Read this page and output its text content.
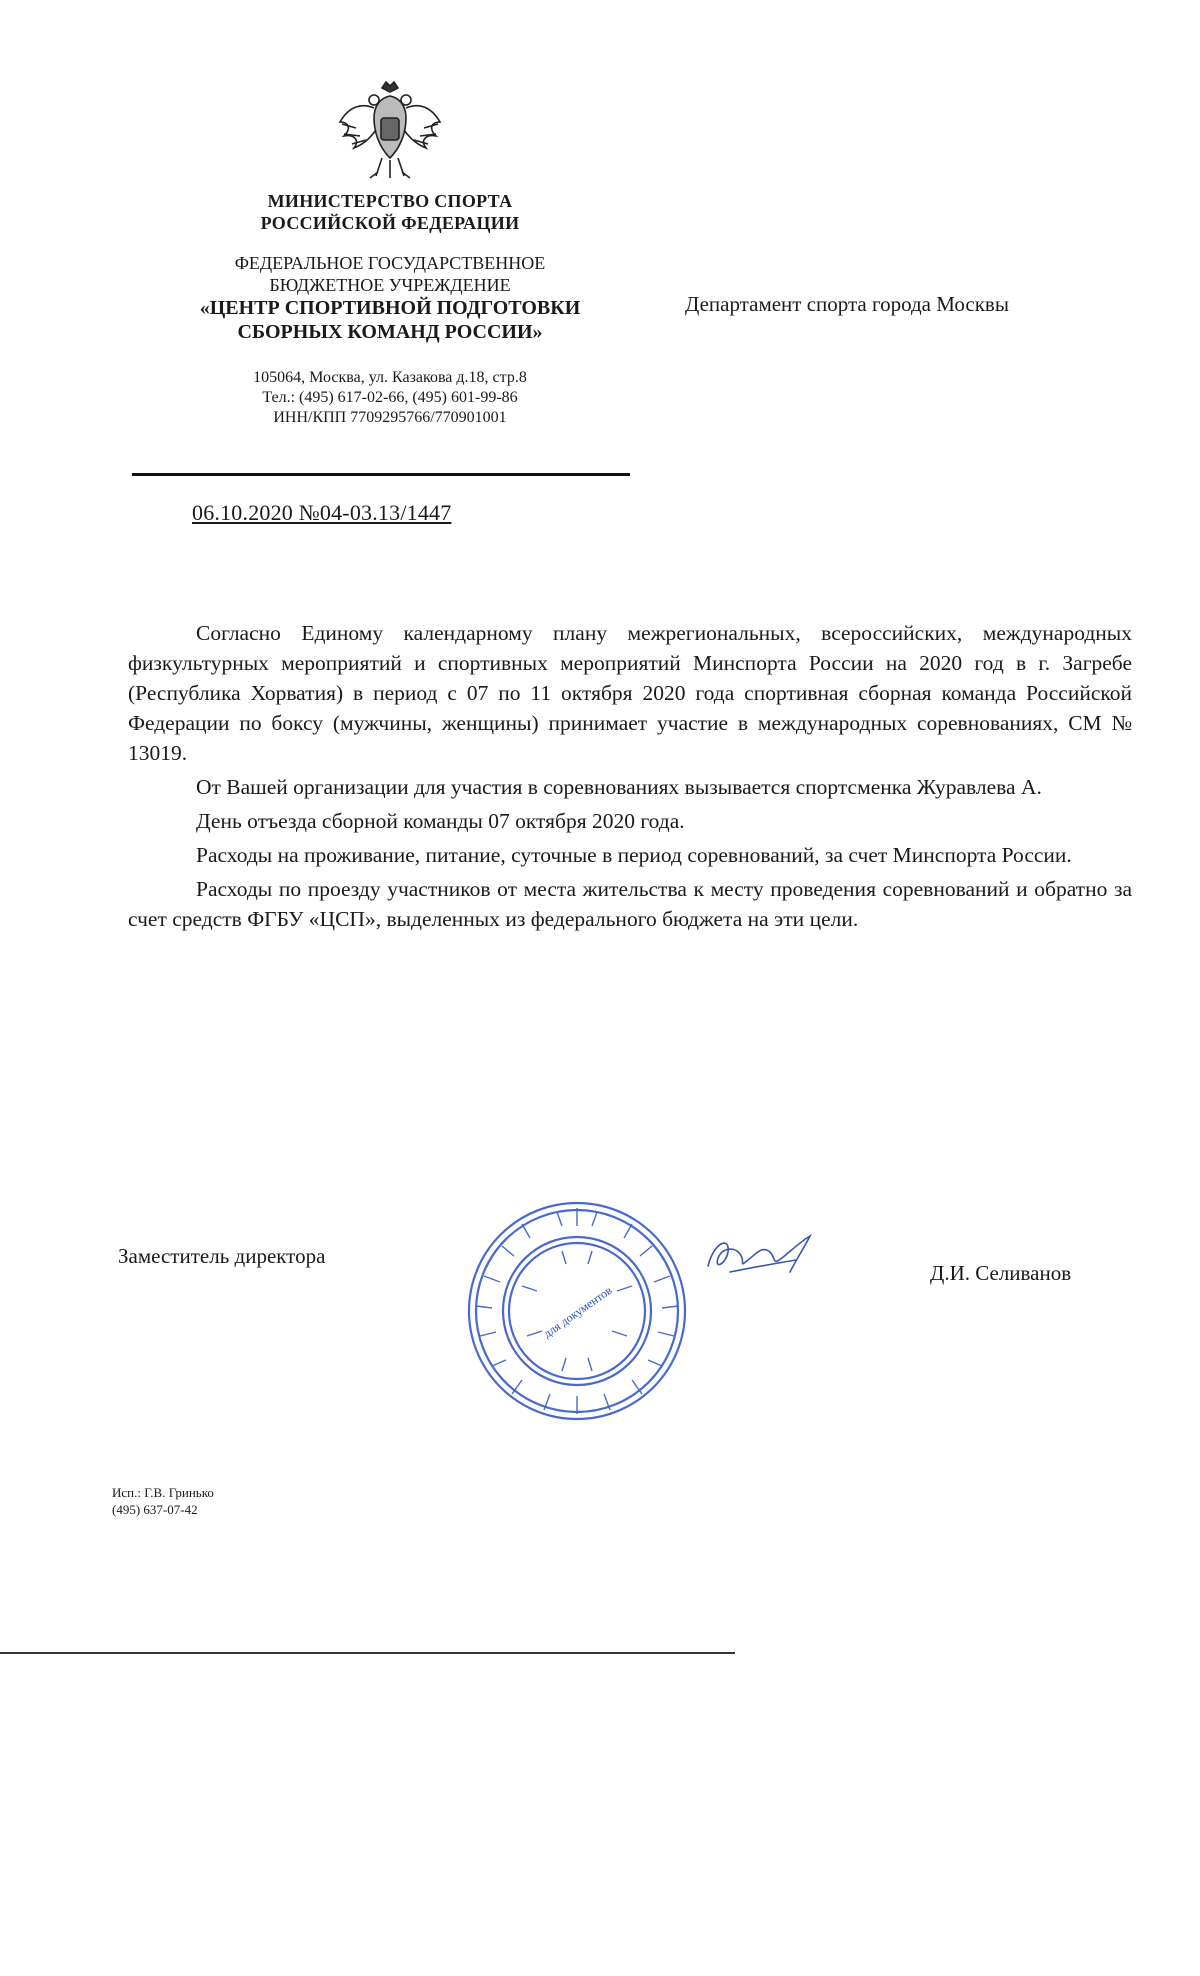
МИНИСТЕРСТВО СПОРТА
РОССИЙСКОЙ ФЕДЕРАЦИИ
ФЕДЕРАЛЬНОЕ ГОСУДАРСТВЕННОЕ
БЮДЖЕТНОЕ УЧРЕЖДЕНИЕ
«ЦЕНТР СПОРТИВНОЙ ПОДГОТОВКИ
СБОРНЫХ КОМАНД РОССИИ»
105064, Москва, ул. Казакова д.18, стр.8
Тел.: (495) 617-02-66, (495) 601-99-86
ИНН/КПП 7709295766/770901001
06.10.2020 №04-03.13/1447
Департамент спорта города Москвы

Согласно Единому календарному плану межрегиональных, всероссийских, международных физкультурных мероприятий и спортивных мероприятий Минспорта России на 2020 год в г. Загребе (Республика Хорватия) в период с 07 по 11 октября 2020 года спортивная сборная команда Российской Федерации по боксу (мужчины, женщины) принимает участие в международных соревнованиях, СМ № 13019.

От Вашей организации для участия в соревнованиях вызывается спортсменка Журавлева А.

День отъезда сборной команды 07 октября 2020 года.

Расходы на проживание, питание, суточные в период соревнований, за счет Минспорта России.

Расходы по проезду участников от места жительства к месту проведения соревнований и обратно за счет средств ФГБУ «ЦСП», выделенных из федерального бюджета на эти цели.

Заместитель директора
для документов
Д.И. Селиванов
Исп.: Г.В. Гринько
(495) 637-07-42
